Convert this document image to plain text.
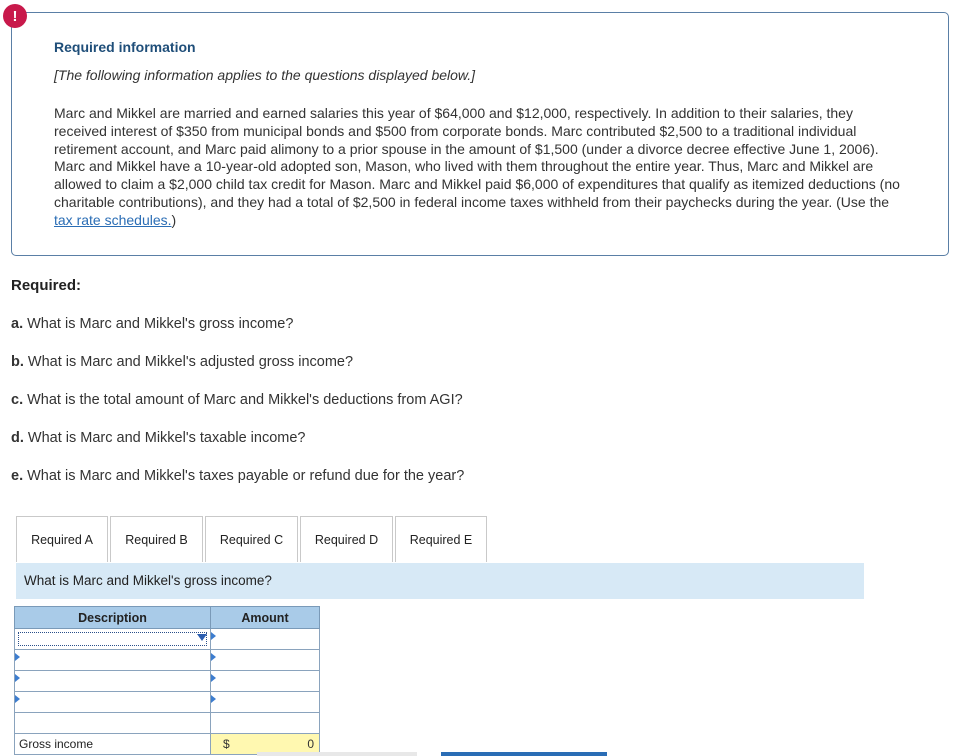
!
Required information
[The following information applies to the questions displayed below.]
Marc and Mikkel are married and earned salaries this year of $64,000 and $12,000, respectively. In addition to their salaries, they received interest of $350 from municipal bonds and $500 from corporate bonds. Marc contributed $2,500 to a traditional individual retirement account, and Marc paid alimony to a prior spouse in the amount of $1,500 (under a divorce decree effective June 1, 2006). Marc and Mikkel have a 10-year-old adopted son, Mason, who lived with them throughout the entire year. Thus, Marc and Mikkel are allowed to claim a $2,000 child tax credit for Mason. Marc and Mikkel paid $6,000 of expenditures that qualify as itemized deductions (no charitable contributions), and they had a total of $2,500 in federal income taxes withheld from their paychecks during the year. (Use the tax rate schedules.)
Required:
a. What is Marc and Mikkel's gross income?
b. What is Marc and Mikkel's adjusted gross income?
c. What is the total amount of Marc and Mikkel's deductions from AGI?
d. What is Marc and Mikkel's taxable income?
e. What is Marc and Mikkel's taxes payable or refund due for the year?
Required A	Required B	Required C	Required D	Required E
What is Marc and Mikkel's gross income?
Description	Amount

Gross income	$ 0
